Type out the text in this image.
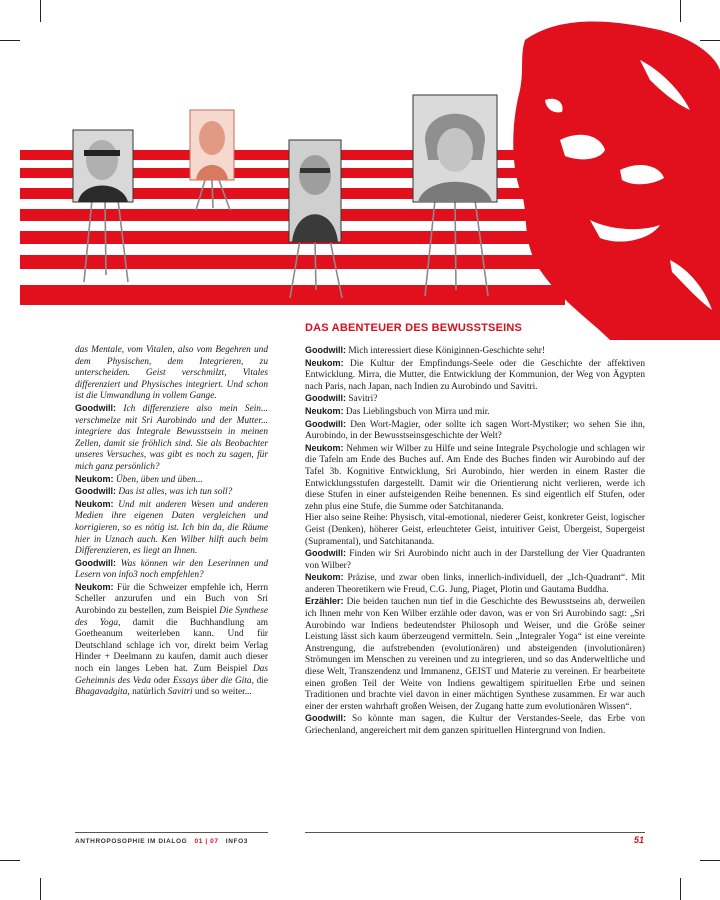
DAS ABENTEUER DES BEWUSSTSEINS

das Mentale, vom Vitalen, also vom Begehren und dem Physischen, dem Integrieren, zu unterscheiden. Geist verschmilzt, Vitales differenziert und Physisches integriert. Und schon ist die Umwandlung in vollem Gange.

Goodwill: Ich differenziere also mein Sein... verschmelze mit Sri Aurobindo und der Mutter... integriere das Integrale Bewusstsein in meinen Zellen, damit sie fröhlich sind. Sie als Beobachter unseres Versuches, was gibt es noch zu sagen, für mich ganz persönlich?

Neukom: Üben, üben und üben...

Goodwill: Das ist alles, was ich tun soll?

Neukom: Und mit anderen Wesen und anderen Medien ihre eigenen Daten vergleichen und korrigieren, so es nötig ist. Ich bin da, die Räume hier in Uznach auch. Ken Wilber hilft auch beim Differenzieren, es liegt an Ihnen.

Goodwill: Was können wir den Leserinnen und Lesern von info3 noch empfehlen?

Neukom: Für die Schweizer empfehle ich, Herrn Scheller anzurufen und ein Buch von Sri Aurobindo zu bestellen, zum Beispiel Die Synthese des Yoga, damit die Buchhandlung am Goetheanum weiterleben kann. Und für Deutschland schlage ich vor, direkt beim Verlag Hinder + Deelmann zu kaufen, damit auch dieser noch ein langes Leben hat. Zum Beispiel Das Geheimnis des Veda oder Essays über die Gita, die Bhagavadgita, natürlich Savitri und so weiter...

Goodwill: Mich interessiert diese Königinnen-Geschichte sehr!

Neukom: Die Kultur der Empfindungs-Seele oder die Geschichte der affektiven Entwicklung. Mirra, die Mutter, die Entwicklung der Kommunion, der Weg von Ägypten nach Paris, nach Japan, nach Indien zu Aurobindo und Savitri.

Goodwill: Savitri?

Neukom: Das Lieblingsbuch von Mirra und mir.

Goodwill: Den Wort-Magier, oder sollte ich sagen Wort-Mystiker; wo sehen Sie ihn, Aurobindo, in der Bewusstseinsgeschichte der Welt?

Neukom: Nehmen wir Wilber zu Hilfe und seine Integrale Psychologie und schlagen wir die Tafeln am Ende des Buches auf. Am Ende des Buches finden wir Aurobindo auf der Tafel 3b. Kognitive Entwicklung, Sri Aurobindo, hier werden in einem Raster die Entwicklungsstufen dargestellt. Damit wir die Orientierung nicht verlieren, werde ich diese Stufen in einer aufsteigenden Reihe benennen. Es sind eigentlich elf Stufen, oder zehn plus eine Stufe, die Summe oder Satchitananda.

Hier also seine Reihe: Physisch, vital-emotional, niederer Geist, konkreter Geist, logischer Geist (Denken), höherer Geist, erleuchteter Geist, intuitiver Geist, Übergeist, Supergeist (Supramental), und Satchitananda.

Goodwill: Finden wir Sri Aurobindo nicht auch in der Darstellung der Vier Quadranten von Wilber?

Neukom: Präzise, und zwar oben links, innerlich-individuell, der „Ich-Quadrant“. Mit anderen Theoretikern wie Freud, C.G. Jung, Piaget, Plotin und Gautama Buddha.

Erzähler: Die beiden tauchen nun tief in die Geschichte des Bewusstseins ab, derweilen ich Ihnen mehr von Ken Wilber erzähle oder davon, was er von Sri Aurobindo sagt: „Sri Aurobindo war Indiens bedeutendster Philosoph und Weiser, und die Größe seiner Leistung lässt sich kaum überzeugend vermitteln. Sein „Integraler Yoga“ ist eine vereinte Anstrengung, die aufstrebenden (evolutionären) und absteigenden (involutionären) Strömungen im Menschen zu vereinen und zu integrieren, und so das Anderweltliche und diese Welt, Transzendenz und Immanenz, GEIST und Materie zu vereinen. Er bearbeitete einen großen Teil der Weite von Indiens gewaltigem spirituellen Erbe und seinen Traditionen und brachte viel davon in einer mächtigen Synthese zusammen. Er war auch einer der ersten wahrhaft großen Weisen, der Zugang hatte zum evolutionären Wissen“.

Goodwill: So könnte man sagen, die Kultur der Verstandes-Seele, das Erbe von Griechenland, angereichert mit dem ganzen spirituellen Hintergrund von Indien.

ANTHROPOSOPHIE IM DIALOG 01 | 07 INFO3	51
